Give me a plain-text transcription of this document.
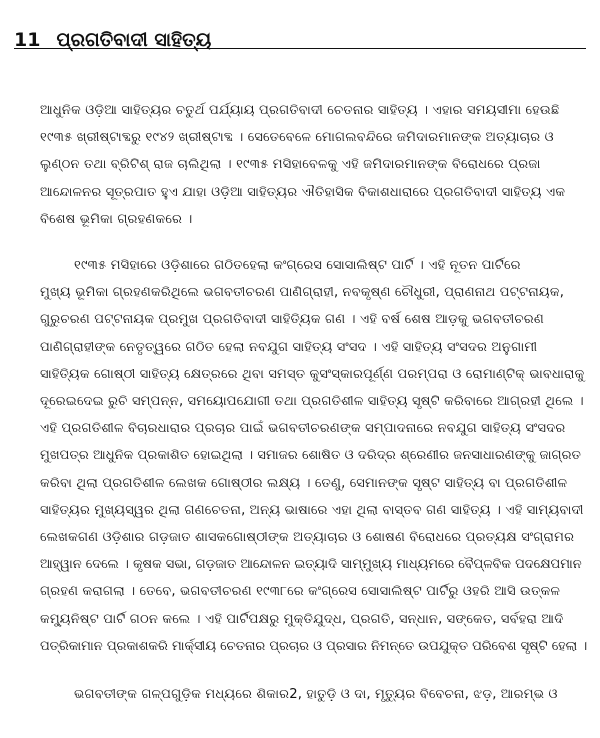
11 ପ୍ରଗତିବାଦୀ ସାହିତ୍ୟ
ଆଧୁନିକ ଓଡ଼ିଆ ସାହିତ୍ୟର ଚତୁର୍ଥ ପର୍ଯ୍ୟାୟ ପ୍ରଗତିବାଦୀ ଚେତନାର ସାହିତ୍ୟ । ଏହାର ସମୟସୀମା ହେଉଛି
୧୯୩୫ ଖ୍ରୀଷ୍ଟାବ୍ଦରୁ ୧୯୪୨ ଖ୍ରୀଷ୍ଟାବ୍ଦ । ସେତେବେଳେ ମୋଗଲବନ୍ଦିରେ ଜମିଦାରମାନଙ୍କ ଅତ୍ୟାଚାର ଓ
ଲୁଣ୍ଠନ ତଥା ବ୍ରିଟିଶ୍ ରାଜ ଚାଲିଥିଲା । ୧୯୩୫ ମସିହାବେଳକୁ ଏହି ଜମିଦାରମାନଙ୍କ ବିରୋଧରେ ପ୍ରଜା
ଆନ୍ଦୋଳନର ସୂତ୍ରପାତ ହୁଏ ଯାହା ଓଡ଼ିଆ ସାହିତ୍ୟର ଐତିହାସିକ ବିକାଶଧାରାରେ ପ୍ରଗତିବାଦୀ ସାହିତ୍ୟ ଏକ
ବିଶେଷ ଭୂମିକା ଗ୍ରହଣକରେ ।
୧୯୩୫ ମସିହାରେ ଓଡ଼ିଶାରେ ଗଠିତହେଲା କଂଗ୍ରେସ ସୋସାଲିଷ୍ଟ ପାର୍ଟି । ଏହି ନୂତନ ପାର୍ଟିରେ
ମୁଖ୍ୟ ଭୂମିକା ଗ୍ରହଣକରିଥିଲେ ଭଗବତୀଚରଣ ପାଣିଗ୍ରାହୀ, ନବକୃଷ୍ଣ ଚୌଧୁରୀ, ପ୍ରାଣନାଥ ପଟ୍ଟନାୟକ,
ଗୁରୁଚରଣ ପଟ୍ଟନାୟକ ପ୍ରମୁଖ ପ୍ରଗତିବାଦୀ ସାହିତ୍ୟିକ ଗଣ । ଏହି ବର୍ଷ ଶେଷ ଆଡ଼କୁ ଭଗବତୀଚରଣ
ପାଣିଗ୍ରାହୀଙ୍କ ନେତୃତ୍ୱରେ ଗଠିତ ହେଲା ନବଯୁଗ ସାହିତ୍ୟ ସଂସଦ । ଏହି ସାହିତ୍ୟ ସଂସଦର ଅନୁଗାମୀ
ସାହିତ୍ୟିକ ଗୋଷ୍ଠୀ ସାହିତ୍ୟ କ୍ଷେତ୍ରରେ ଥିବା ସମସ୍ତ କୁସଂସ୍କାରପୂର୍ଣ୍ଣ ପରମ୍ପରା ଓ ରୋମାଣ୍ଟିକ୍ ଭାବଧାରାକୁ
ଦୂରେଇଦେଇ ରୁଚି ସମ୍ପନ୍ନ, ସମୟୋପଯୋଗୀ ତଥା ପ୍ରଗତିଶୀଳ ସାହିତ୍ୟ ସୃଷ୍ଟି କରିବାରେ ଆଗ୍ରହୀ ଥିଲେ ।
ଏହି ପ୍ରଗତିଶୀଳ ବିଚାରଧାରାର ପ୍ରଚାର ପାଇଁ ଭଗବତୀଚରଣଙ୍କ ସମ୍ପାଦନାରେ ନବଯୁଗ ସାହିତ୍ୟ ସଂସଦର
ମୁଖପତ୍ର ଆଧୁନିକ ପ୍ରକାଶିତ ହୋଇଥିଲା । ସମାଜର ଶୋଷିତ ଓ ଦରିଦ୍ର ଶ୍ରେଣୀର ଜନସାଧାରଣଙ୍କୁ ଜାଗ୍ରତ
କରିବା ଥିଲା ପ୍ରଗତିଶୀଳ ଲେଖକ ଗୋଷ୍ଠୀର ଲକ୍ଷ୍ୟ । ତେଣୁ, ସେମାନଙ୍କ ସୃଷ୍ଟ ସାହିତ୍ୟ ବା ପ୍ରଗତିଶୀଳ
ସାହିତ୍ୟର ମୁଖ୍ୟସ୍ୱର ଥିଲା ଗଣଚେତନା, ଅନ୍ୟ ଭାଷାରେ ଏହା ଥିଲା ବାସ୍ତବ ଗଣ ସାହିତ୍ୟ । ଏହି ସାମ୍ୟବାଦୀ
ଲେଖକଗଣ ଓଡ଼ିଶାର ଗଡ଼ଜାତ ଶାସକଗୋଷ୍ଠୀଙ୍କ ଅତ୍ୟାଚାର ଓ ଶୋଷଣ ବିରୋଧରେ ପ୍ରତ୍ୟକ୍ଷ ସଂଗ୍ରାମର
ଆହ୍ୱାନ ଦେଲେ । କୃଷକ ସଭା, ଗଡ଼ଜାତ ଆନ୍ଦୋଳନ ଇତ୍ୟାଦି ସାମ୍ମୁଖ୍ୟ ମାଧ୍ୟମରେ ବୈପ୍ଳବିକ ପଦକ୍ଷେପମାନ
ଗ୍ରହଣ କରାଗଲା । ତେବେ, ଭଗବତୀଚରଣ ୧୯୩୮ରେ କଂଗ୍ରେସ ସୋସାଲିଷ୍ଟ ପାର୍ଟିରୁ ଓହରି ଆସି ଉତ୍କଳ
କମ୍ୟୁନିଷ୍ଟ ପାର୍ଟି ଗଠନ କଲେ । ଏହି ପାର୍ଟିପକ୍ଷରୁ ମୁକ୍ତିଯୁଦ୍ଧ, ପ୍ରଗତି, ସନ୍ଧାନ, ସଙ୍କେତ, ସର୍ବହରା ଆଦି
ପତ୍ରିକାମାନ ପ୍ରକାଶକରି ମାର୍କ୍ସୀୟ ଚେତନାର ପ୍ରଚାର ଓ ପ୍ରସାର ନିମନ୍ତେ ଉପଯୁକ୍ତ ପରିବେଶ ସୃଷ୍ଟି ହେଲା ।
ଭଗବତୀଙ୍କ ଗଳ୍ପଗୁଡ଼ିକ ମଧ୍ୟରେ ଶିକାର2, ହାତୁଡ଼ି ଓ ଦା, ମୃତ୍ୟୁର ବିବେଚନା, ଝଡ଼, ଆରମ୍ଭ ଓ
